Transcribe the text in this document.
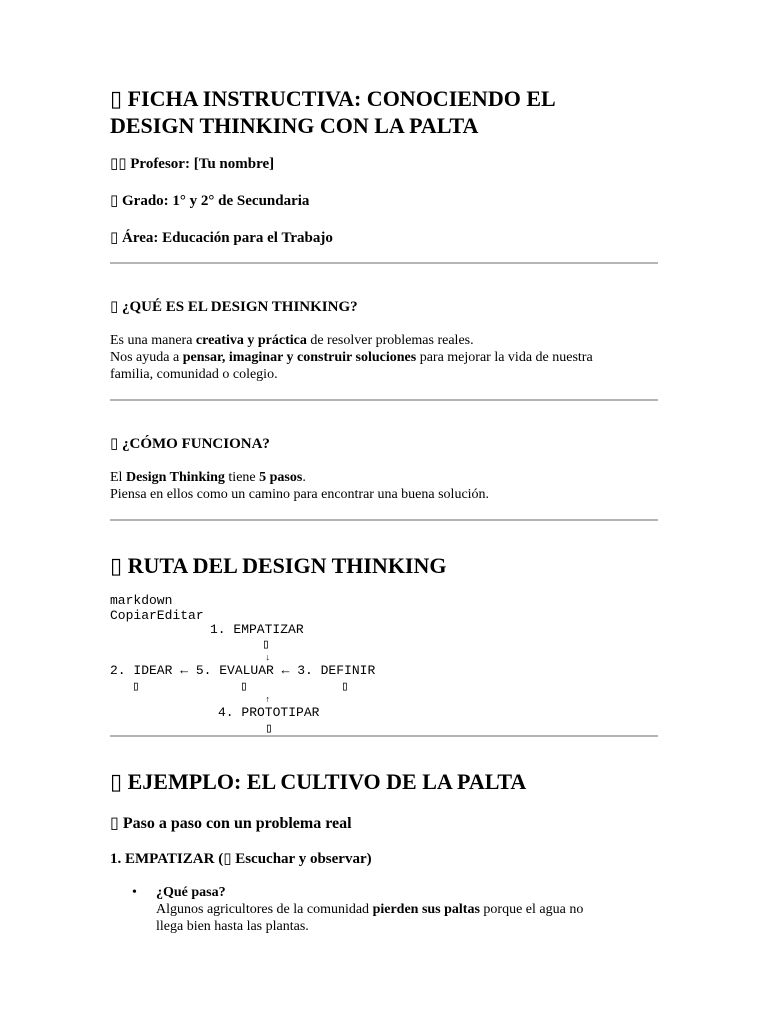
▯ FICHA INSTRUCTIVA: CONOCIENDO EL
DESIGN THINKING CON LA PALTA
▯▯ Profesor: [Tu nombre]
▯ Grado: 1° y 2° de Secundaria
▯ Área: Educación para el Trabajo
▯ ¿QUÉ ES EL DESIGN THINKING?
Es una manera creativa y práctica de resolver problemas reales.
Nos ayuda a pensar, imaginar y construir soluciones para mejorar la vida de nuestra
familia, comunidad o colegio.
▯ ¿CÓMO FUNCIONA?
El Design Thinking tiene 5 pasos.
Piensa en ellos como un camino para encontrar una buena solución.
▯ RUTA DEL DESIGN THINKING
markdown
CopiarEditar
1. EMPATIZAR
▯
↓
2. IDEAR ← 5. EVALUAR ← 3. DEFINIR
▯	▯	▯
↑
4. PROTOTIPAR
▯
▯ EJEMPLO: EL CULTIVO DE LA PALTA
▯ Paso a paso con un problema real
1. EMPATIZAR (▯ Escuchar y observar)
• ¿Qué pasa?
Algunos agricultores de la comunidad pierden sus paltas porque el agua no
llega bien hasta las plantas.
